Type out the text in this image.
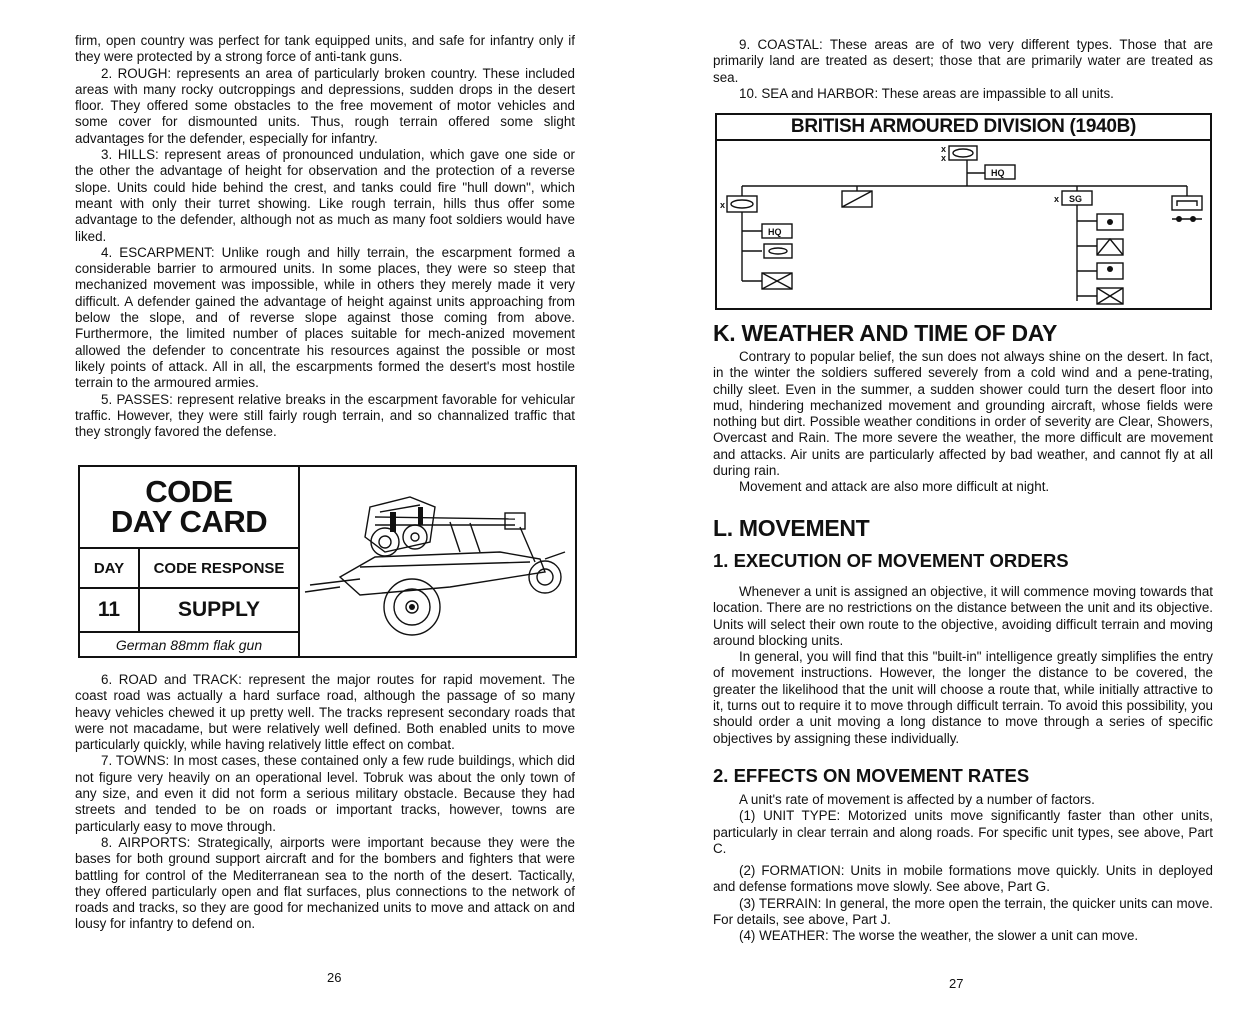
firm, open country was perfect for tank equipped units, and safe for infantry only if they were protected by a strong force of anti-tank guns.

2. ROUGH: represents an area of particularly broken country. These included areas with many rocky outcroppings and depressions, sudden drops in the desert floor. They offered some obstacles to the free movement of motor vehicles and some cover for dismounted units. Thus, rough terrain offered some slight advantages for the defender, especially for infantry.

3. HILLS: represent areas of pronounced undulation, which gave one side or the other the advantage of height for observation and the protection of a reverse slope. Units could hide behind the crest, and tanks could fire "hull down", which meant with only their turret showing. Like rough terrain, hills thus offer some advantage to the defender, although not as much as many foot soldiers would have liked.

4. ESCARPMENT: Unlike rough and hilly terrain, the escarpment formed a considerable barrier to armoured units. In some places, they were so steep that mechanized movement was impossible, while in others they merely made it very difficult. A defender gained the advantage of height against units approaching from below the slope, and of reverse slope against those coming from above. Furthermore, the limited number of places suitable for mech-anized movement allowed the defender to concentrate his resources against the possible or most likely points of attack. All in all, the escarpments formed the desert's most hostile terrain to the armoured armies.

5. PASSES: represent relative breaks in the escarpment favorable for vehicular traffic. However, they were still fairly rough terrain, and so channalized traffic that they strongly favored the defense.

6. ROAD and TRACK: represent the major routes for rapid movement. The coast road was actually a hard surface road, although the passage of so many heavy vehicles chewed it up pretty well. The tracks represent secondary roads that were not macadame, but were relatively well defined. Both enabled units to move particularly quickly, while having relatively little effect on combat.

7. TOWNS: In most cases, these contained only a few rude buildings, which did not figure very heavily on an operational level. Tobruk was about the only town of any size, and even it did not form a serious military obstacle. Because they had streets and tended to be on roads or important tracks, however, towns are particularly easy to move through.

8. AIRPORTS: Strategically, airports were important because they were the bases for both ground support aircraft and for the bombers and fighters that were battling for control of the Mediterranean sea to the north of the desert. Tactically, they offered particularly open and flat surfaces, plus connections to the network of roads and tracks, so they are good for mechanized units to move and attack on and lousy for infantry to defend on.

CODE
DAY CARD
DAY	CODE RESPONSE
11	SUPPLY
German 88mm flak gun
BRITISH ARMOURED DIVISION (1940B)
HQ
HQ
SG
x
x
x
x

9. COASTAL: These areas are of two very different types. Those that are primarily land are treated as desert; those that are primarily water are treated as sea.

10. SEA and HARBOR: These areas are impassible to all units.

Contrary to popular belief, the sun does not always shine on the desert. In fact, in the winter the soldiers suffered severely from a cold wind and a pene-trating, chilly sleet. Even in the summer, a sudden shower could turn the desert floor into mud, hindering mechanized movement and grounding aircraft, whose fields were nothing but dirt. Possible weather conditions in order of severity are Clear, Showers, Overcast and Rain. The more severe the weather, the more difficult are movement and attacks. Air units are particularly affected by bad weather, and cannot fly at all during rain.

Movement and attack are also more difficult at night.

Whenever a unit is assigned an objective, it will commence moving towards that location. There are no restrictions on the distance between the unit and its objective. Units will select their own route to the objective, avoiding difficult terrain and moving around blocking units.

In general, you will find that this "built-in" intelligence greatly simplifies the entry of movement instructions. However, the longer the distance to be covered, the greater the likelihood that the unit will choose a route that, while initially attractive to it, turns out to require it to move through difficult terrain. To avoid this possibility, you should order a unit moving a long distance to move through a series of specific objectives by assigning these individually.

A unit's rate of movement is affected by a number of factors.

(1) UNIT TYPE: Motorized units move significantly faster than other units, particularly in clear terrain and along roads. For specific unit types, see above, Part C.

(2) FORMATION: Units in mobile formations move quickly. Units in deployed and defense formations move slowly. See above, Part G.

(3) TERRAIN: In general, the more open the terrain, the quicker units can move. For details, see above, Part J.

(4) WEATHER: The worse the weather, the slower a unit can move.

K. WEATHER AND TIME OF DAY
L. MOVEMENT
1. EXECUTION OF MOVEMENT ORDERS
2. EFFECTS ON MOVEMENT RATES
26	27
